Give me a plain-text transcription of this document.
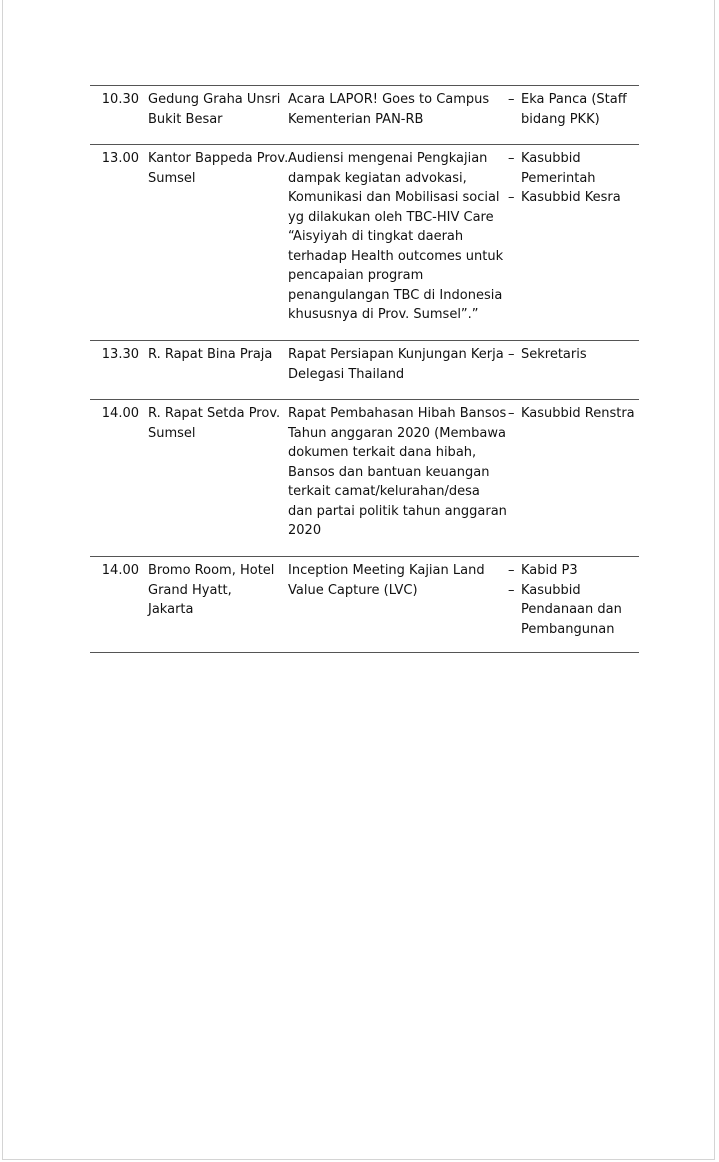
10.30 Gedung Graha Unsri
Bukit Besar
Acara LAPOR! Goes to Campus
Kementerian PAN-RB
– Eka Panca (Staff
bidang PKK)
13.00 Kantor Bappeda Prov.
Sumsel
Audiensi mengenai Pengkajian
dampak kegiatan advokasi,
Komunikasi dan Mobilisasi social
yg dilakukan oleh TBC-HIV Care
“Aisyiyah di tingkat daerah
terhadap Health outcomes untuk
pencapaian program
penangulangan TBC di Indonesia
khususnya di Prov. Sumsel”.”
– Kasubbid
Pemerintah
– Kasubbid Kesra
13.30 R. Rapat Bina Praja Rapat Persiapan Kunjungan Kerja
Delegasi Thailand
– Sekretaris
14.00 R. Rapat Setda Prov.
Sumsel
Rapat Pembahasan Hibah Bansos
Tahun anggaran 2020 (Membawa
dokumen terkait dana hibah,
Bansos dan bantuan keuangan
terkait camat/kelurahan/desa
dan partai politik tahun anggaran
2020
– Kasubbid Renstra
14.00 Bromo Room, Hotel
Grand Hyatt,
Jakarta
Inception Meeting Kajian Land
Value Capture (LVC)
– Kabid P3
– Kasubbid
Pendanaan dan
Pembangunan
